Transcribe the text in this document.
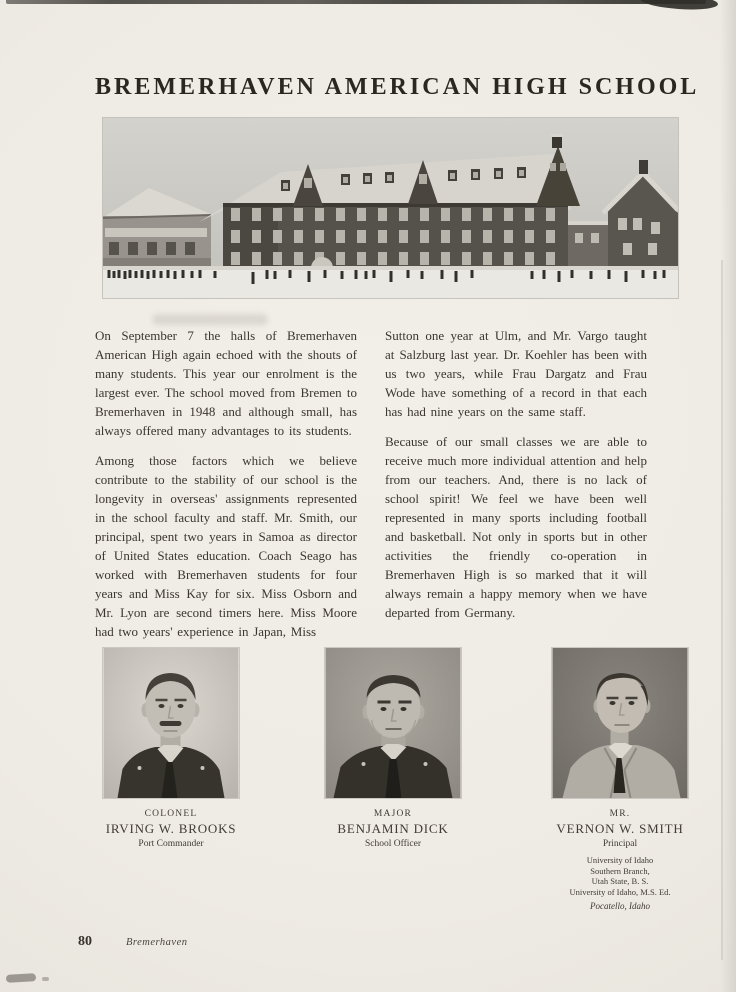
BREMERHAVEN AMERICAN HIGH SCHOOL

On September 7 the halls of Bremerhaven American High again echoed with the shouts of many students. This year our enrolment is the largest ever. The school moved from Bremen to Bremerhaven in 1948 and although small, has always offered many advantages to its students.

Among those factors which we believe contribute to the stability of our school is the longevity in overseas' assignments represented in the school faculty and staff. Mr. Smith, our principal, spent two years in Samoa as director of United States education. Coach Seago has worked with Bremerhaven students for four years and Miss Kay for six. Miss Osborn and Mr. Lyon are second timers here. Miss Moore had two years' experience in Japan, Miss

Sutton one year at Ulm, and Mr. Vargo taught at Salzburg last year. Dr. Koehler has been with us two years, while Frau Dargatz and Frau Wode have something of a record in that each has had nine years on the same staff.

Because of our small classes we are able to receive much more individual attention and help from our teachers. And, there is no lack of school spirit! We feel we have been well represented in many sports including football and basketball. Not only in sports but in other activities the friendly co-operation in Bremerhaven High is so marked that it will always remain a happy memory when we have departed from Germany.

COLONEL
IRVING W. BROOKS
Port Commander
MAJOR
BENJAMIN DICK
School Officer
MR.
VERNON W. SMITH
Principal
University of Idaho
Southern Branch,
Utah State, B. S.
University of Idaho, M.S. Ed.
Pocatello, Idaho
80	Bremerhaven
